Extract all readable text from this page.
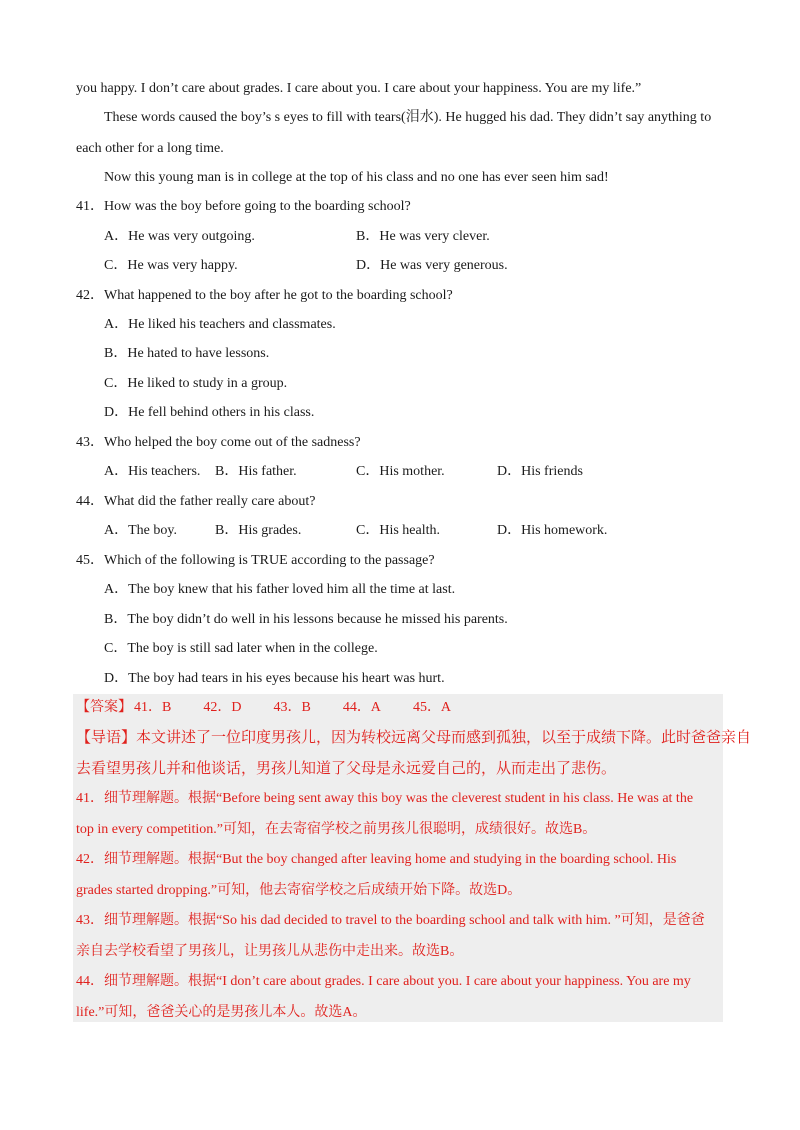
you happy. I don’t care about grades. I care about you. I care about your happiness. You are my life.”
These words caused the boy’s s eyes to fill with tears(泪水). He hugged his dad. They didn’t say anything to
each other for a long time.
Now this young man is in college at the top of his class and no one has ever seen him sad!
41．How was the boy before going to the boarding school?
A．He was very outgoing.	B．He was very clever.
C．He was very happy.	D．He was very generous.
42．What happened to the boy after he got to the boarding school?
A．He liked his teachers and classmates.
B．He hated to have lessons.
C．He liked to study in a group.
D．He fell behind others in his class.
43．Who helped the boy come out of the sadness?
A．His teachers. B．His father.	C．His mother.	D．His friends
44．What did the father really care about?
A．The boy.	B．His grades.	C．His health.	D．His homework.
45．Which of the following is TRUE according to the passage?
A．The boy knew that his father loved him all the time at last.
B．The boy didn’t do well in his lessons because he missed his parents.
C．The boy is still sad later when in the college.
D．The boy had tears in his eyes because his heart was hurt.
【答案】 41．B 42．D 43．B 44．A 45．A
【导语】本文讲述了一位印度男孩儿，因为转校远离父母而感到孤独，以至于成绩下降。此时爸爸亲自
去看望男孩儿并和他谈话，男孩儿知道了父母是永远爱自己的，从而走出了悲伤。
41．细节理解题。根据“Before being sent away this boy was the cleverest student in his class. He was at the
top in every competition.”可知，在去寄宿学校之前男孩儿很聪明，成绩很好。故选B。
42．细节理解题。根据“But the boy changed after leaving home and studying in the boarding school. His
grades started dropping.”可知，他去寄宿学校之后成绩开始下降。故选D。
43．细节理解题。根据“So his dad decided to travel to the boarding school and talk with him. ”可知，是爸爸
亲自去学校看望了男孩儿，让男孩儿从悲伤中走出来。故选B。
44．细节理解题。根据“I don’t care about grades. I care about you. I care about your happiness. You are my
life.”可知，爸爸关心的是男孩儿本人。故选A。
